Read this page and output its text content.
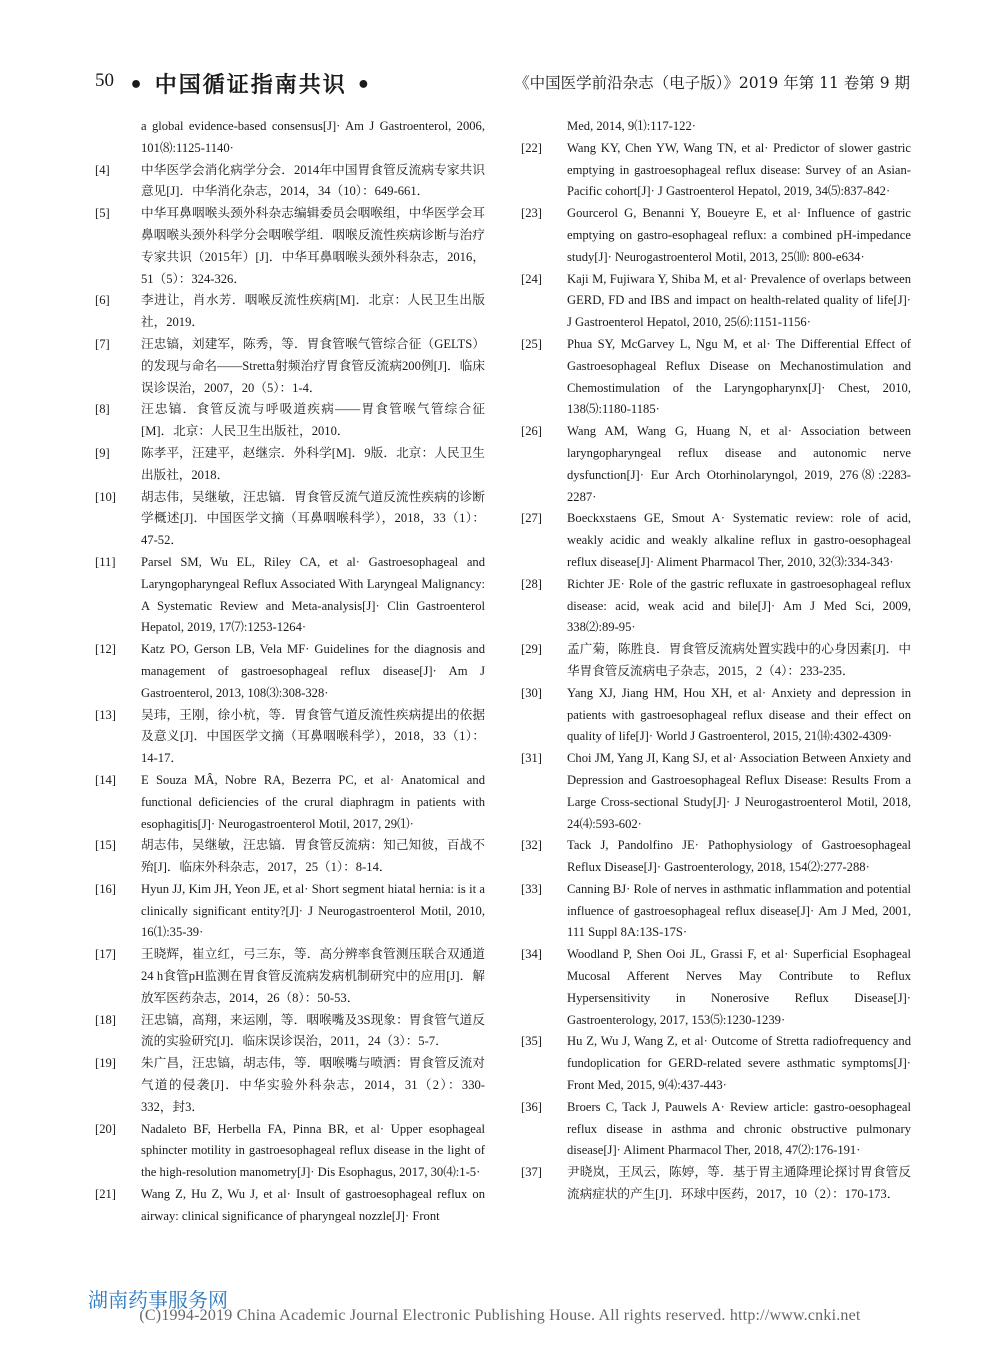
50 • 中国循证指南共识 •	《中国医学前沿杂志（电子版）》2019 年第 11 卷第 9 期

a global evidence-based consensus[J]· Am J Gastroenterol, 2006, 101⑻:1125-1140·

[4] 中华医学会消化病学分会．2014年中国胃食管反流病专家共识意见[J]．中华消化杂志，2014，34（10）：649-661．

[5] 中华耳鼻咽喉头颈外科杂志编辑委员会咽喉组，中华医学会耳鼻咽喉头颈外科学分会咽喉学组．咽喉反流性疾病诊断与治疗专家共识（2015年）[J]．中华耳鼻咽喉头颈外科杂志，2016，51（5）：324-326．

[6] 李进让，肖水芳．咽喉反流性疾病[M]．北京：人民卫生出版社，2019．

[7] 汪忠镐，刘建军，陈秀，等．胃食管喉气管综合征（GELTS）的发现与命名——Stretta射频治疗胃食管反流病200例[J]．临床误诊误治，2007，20（5）：1-4．

[8] 汪忠镐．食管反流与呼吸道疾病——胃食管喉气管综合征[M]．北京：人民卫生出版社，2010．

[9] 陈孝平，汪建平，赵继宗．外科学[M]．9版．北京：人民卫生出版社，2018．

[10] 胡志伟，吴继敏，汪忠镐．胃食管反流气道反流性疾病的诊断学概述[J]．中国医学文摘（耳鼻咽喉科学），2018，33（1）：47-52．

[11] Parsel SM, Wu EL, Riley CA, et al· Gastroesophageal and Laryngopharyngeal Reflux Associated With Laryngeal Malignancy: A Systematic Review and Meta-analysis[J]· Clin Gastroenterol Hepatol, 2019, 17⑺:1253-1264·

[12] Katz PO, Gerson LB, Vela MF· Guidelines for the diagnosis and management of gastroesophageal reflux disease[J]· Am J Gastroenterol, 2013, 108⑶:308-328·

[13] 吴玮，王刚，徐小杭，等．胃食管气道反流性疾病提出的依据及意义[J]．中国医学文摘（耳鼻咽喉科学），2018，33（1）：14-17．

[14] E Souza MÂ, Nobre RA, Bezerra PC, et al· Anatomical and functional deficiencies of the crural diaphragm in patients with esophagitis[J]· Neurogastroenterol Motil, 2017, 29⑴·

[15] 胡志伟，吴继敏，汪忠镐．胃食管反流病：知己知彼，百战不殆[J]．临床外科杂志，2017，25（1）：8-14．

[16] Hyun JJ, Kim JH, Yeon JE, et al· Short segment hiatal hernia: is it a clinically significant entity?[J]· J Neurogastroenterol Motil, 2010, 16⑴:35-39·

[17] 王晓辉，崔立红，弓三东，等．高分辨率食管测压联合双通道24 h食管pH监测在胃食管反流病发病机制研究中的应用[J]．解放军医药杂志，2014，26（8）：50-53．

[18] 汪忠镐，高翔，来运刚，等．咽喉嘴及3S现象：胃食管气道反流的实验研究[J]．临床误诊误治，2011，24（3）：5-7．

[19] 朱广昌，汪忠镐，胡志伟，等．咽喉嘴与喷洒：胃食管反流对气道的侵袭[J]．中华实验外科杂志，2014，31（2）：330-332，封3．

[20] Nadaleto BF, Herbella FA, Pinna BR, et al· Upper esophageal sphincter motility in gastroesophageal reflux disease in the light of the high-resolution manometry[J]· Dis Esophagus, 2017, 30⑷:1-5·

[21] Wang Z, Hu Z, Wu J, et al· Insult of gastroesophageal reflux on airway: clinical significance of pharyngeal nozzle[J]· Front

Med, 2014, 9⑴:117-122·

[22] Wang KY, Chen YW, Wang TN, et al· Predictor of slower gastric emptying in gastroesophageal reflux disease: Survey of an Asian-Pacific cohort[J]· J Gastroenterol Hepatol, 2019, 34⑸:837-842·

[23] Gourcerol G, Benanni Y, Boueyre E, et al· Influence of gastric emptying on gastro-esophageal reflux: a combined pH-impedance study[J]· Neurogastroenterol Motil, 2013, 25⑽: 800-e634·

[24] Kaji M, Fujiwara Y, Shiba M, et al· Prevalence of overlaps between GERD, FD and IBS and impact on health-related quality of life[J]· J Gastroenterol Hepatol, 2010, 25⑹:1151-1156·

[25] Phua SY, McGarvey L, Ngu M, et al· The Differential Effect of Gastroesophageal Reflux Disease on Mechanostimulation and Chemostimulation of the Laryngopharynx[J]· Chest, 2010, 138⑸:1180-1185·

[26] Wang AM, Wang G, Huang N, et al· Association between laryngopharyngeal reflux disease and autonomic nerve dysfunction[J]· Eur Arch Otorhinolaryngol, 2019, 276⑻:2283-2287·

[27] Boeckxstaens GE, Smout A· Systematic review: role of acid, weakly acidic and weakly alkaline reflux in gastro-oesophageal reflux disease[J]· Aliment Pharmacol Ther, 2010, 32⑶:334-343·

[28] Richter JE· Role of the gastric refluxate in gastroesophageal reflux disease: acid, weak acid and bile[J]· Am J Med Sci, 2009, 338⑵:89-95·

[29] 孟广菊，陈胜良．胃食管反流病处置实践中的心身因素[J]．中华胃食管反流病电子杂志，2015，2（4）：233-235．

[30] Yang XJ, Jiang HM, Hou XH, et al· Anxiety and depression in patients with gastroesophageal reflux disease and their effect on quality of life[J]· World J Gastroenterol, 2015, 21⒁:4302-4309·

[31] Choi JM, Yang JI, Kang SJ, et al· Association Between Anxiety and Depression and Gastroesophageal Reflux Disease: Results From a Large Cross-sectional Study[J]· J Neurogastroenterol Motil, 2018, 24⑷:593-602·

[32] Tack J, Pandolfino JE· Pathophysiology of Gastroesophageal Reflux Disease[J]· Gastroenterology, 2018, 154⑵:277-288·

[33] Canning BJ· Role of nerves in asthmatic inflammation and potential influence of gastroesophageal reflux disease[J]· Am J Med, 2001, 111 Suppl 8A:13S-17S·

[34] Woodland P, Shen Ooi JL, Grassi F, et al· Superficial Esophageal Mucosal Afferent Nerves May Contribute to Reflux Hypersensitivity in Nonerosive Reflux Disease[J]· Gastroenterology, 2017, 153⑸:1230-1239·

[35] Hu Z, Wu J, Wang Z, et al· Outcome of Stretta radiofrequency and fundoplication for GERD-related severe asthmatic symptoms[J]· Front Med, 2015, 9⑷:437-443·

[36] Broers C, Tack J, Pauwels A· Review article: gastro-oesophageal reflux disease in asthma and chronic obstructive pulmonary disease[J]· Aliment Pharmacol Ther, 2018, 47⑵:176-191·

[37] 尹晓岚，王凤云，陈婷，等．基于胃主通降理论探讨胃食管反流病症状的产生[J]．环球中医药，2017，10（2）：170-173．

湖南药事服务网
(C)1994-2019 China Academic Journal Electronic Publishing House. All rights reserved. http://www.cnki.net
